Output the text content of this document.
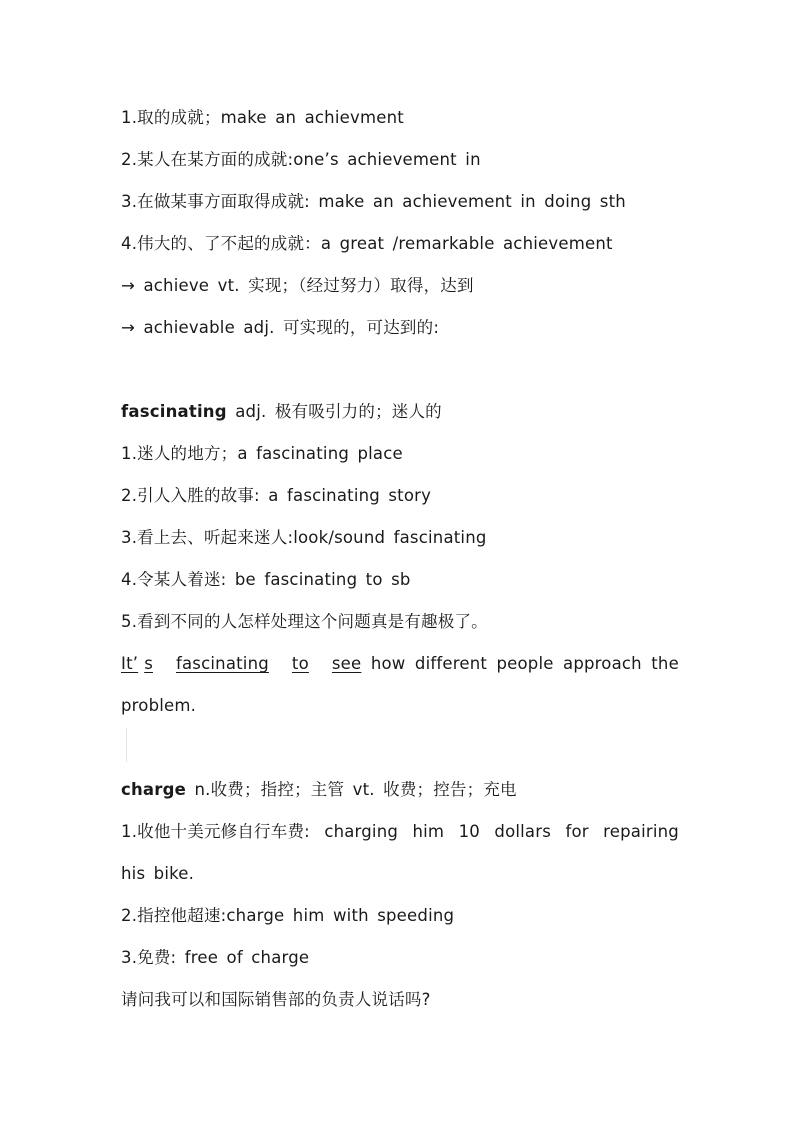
1.取的成就；make an achievment
2.某人在某方面的成就:one’s achievement in
3.在做某事方面取得成就: make an achievement in doing sth
4.伟大的、了不起的成就：a great /remarkable achievement
→ achieve vt. 实现；（经过努力）取得，达到
→ achievable adj. 可实现的，可达到的:
fascinating adj. 极有吸引力的；迷人的
1.迷人的地方；a fascinating place
2.引人入胜的故事: a fascinating story
3.看上去、听起来迷人:look/sound fascinating
4.令某人着迷: be fascinating to sb
5.看到不同的人怎样处理这个问题真是有趣极了。
It’ s fascinating to see how different people approach the
problem.
charge n.收费；指控；主管 vt. 收费；控告；充电
1.收他十美元修自行车费: charging him 10 dollars for repairing
his bike.
2.指控他超速:charge him with speeding
3.免费: free of charge
请问我可以和国际销售部的负责人说话吗?
